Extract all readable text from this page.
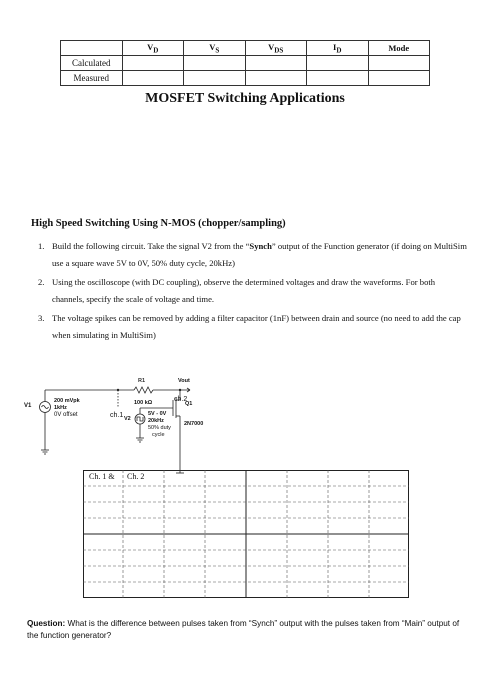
	$V_D$	$V_S$	$V_{DS}$	$I_D$	Mode
Calculated					
Measured					
MOSFET Switching Applications
High Speed Switching Using N-MOS (chopper/sampling)
1. Build the following circuit. Take the signal V2 from the “Synch” output of the Function generator (if doing on MultiSim use a square wave 5V to 0V, 50% duty cycle, 20kHz)
2. Using the oscilloscope (with DC coupling), observe the determined voltages and draw the waveforms. For both channels, specify the scale of voltage and time.
3. The voltage spikes can be removed by adding a filter capacitor (1nF) between drain and source (no need to add the cap when simulating in MultiSim)
R1
100 kΩ
Vout
ch.2
ch.1
V1
200 mVpk
1kHz
0V offset
Q1
2N7000
V2
5V - 0V
20kHz
50% duty
cycle
Ch. 1 &	Ch. 2
Question: What is the difference between pulses taken from “Synch” output with the pulses taken from “Main” output of the function generator?
